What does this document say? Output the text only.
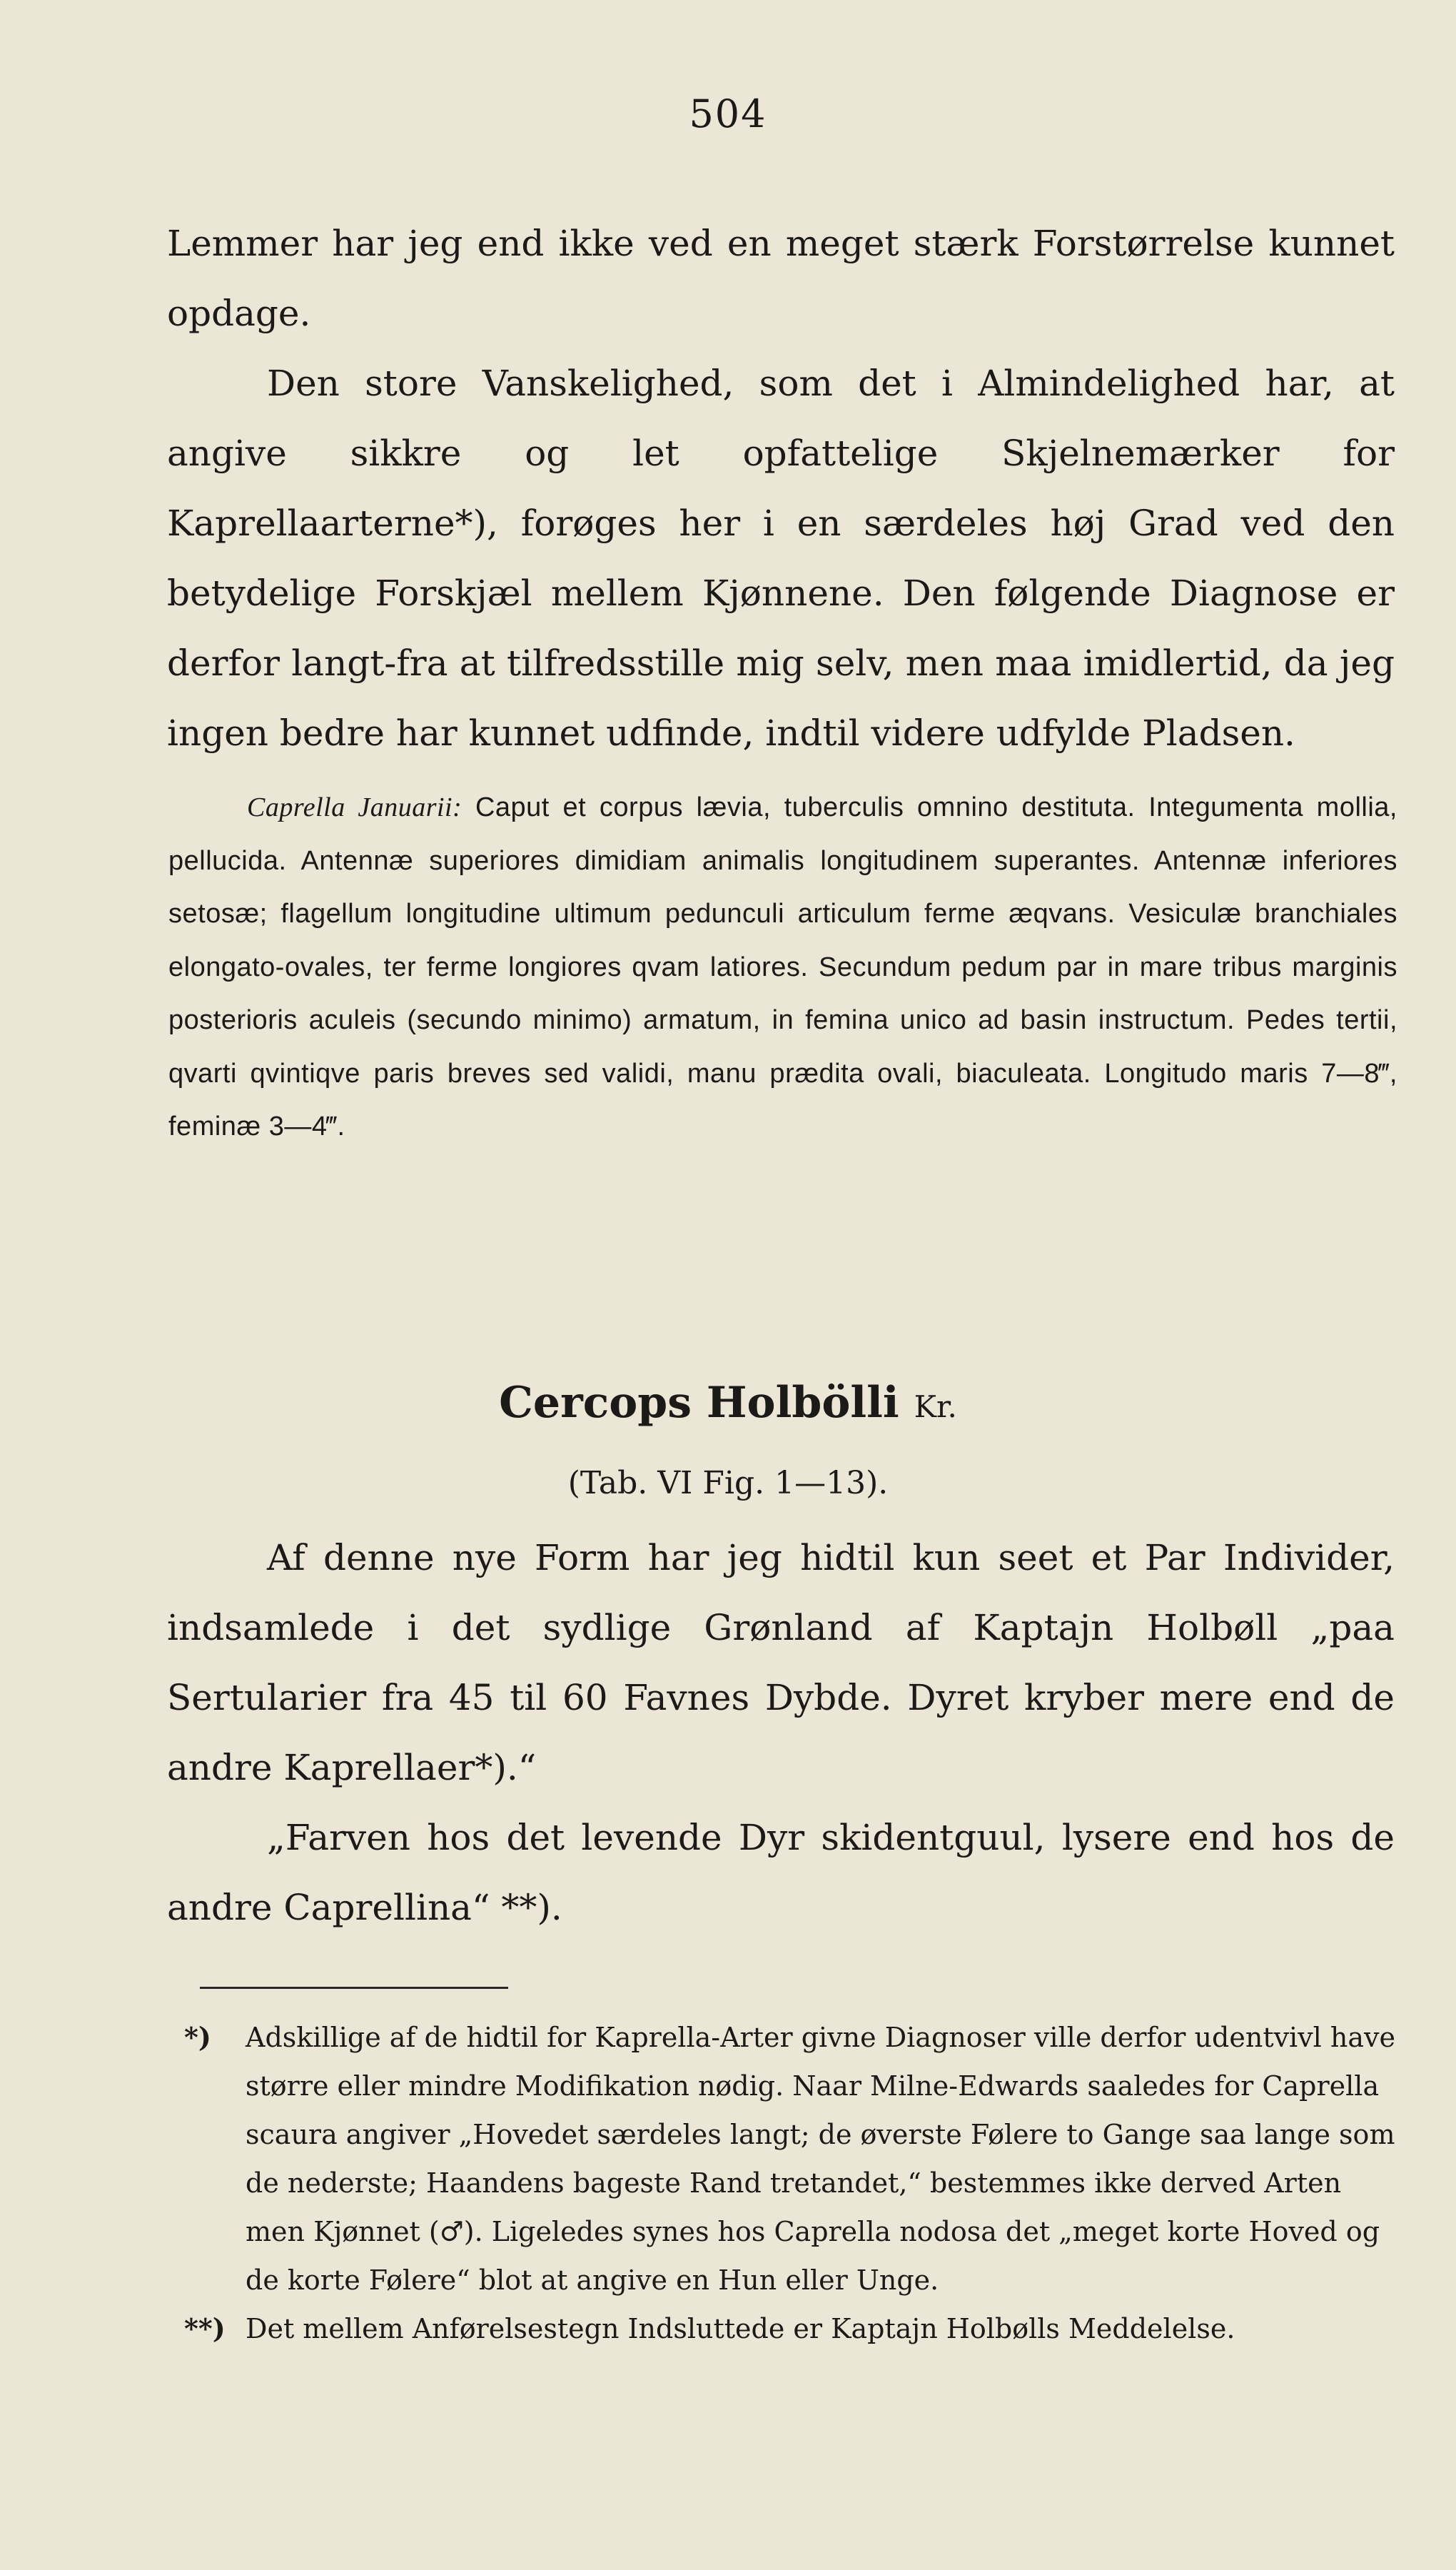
504

Lemmer har jeg end ikke ved en meget stærk Forstørrelse kunnet opdage.

Den store Vanskelighed, som det i Almindelighed har, at angive sikkre og let opfattelige Skjelnemærker for Kaprellaarterne*), forøges her i en særdeles høj Grad ved den betydelige Forskjæl mellem Kjønnene. Den følgende Diagnose er derfor langt-fra at tilfredsstille mig selv, men maa imidlertid, da jeg ingen bedre har kunnet udfinde, indtil videre udfylde Pladsen.

Caprella Januarii: Caput et corpus lævia, tuberculis omnino destituta. Integumenta mollia, pellucida. Antennæ superiores dimidiam animalis longitudinem superantes. Antennæ inferiores setosæ; flagellum longitudine ultimum pedunculi articulum ferme æqvans. Vesiculæ branchiales elongato-ovales, ter ferme longiores qvam latiores. Secundum pedum par in mare tribus marginis posterioris aculeis (secundo minimo) armatum, in femina unico ad basin instructum. Pedes tertii, qvarti qvintiqve paris breves sed validi, manu prædita ovali, biaculeata. Longitudo maris 7—8‴, feminæ 3—4‴.

Cercops Holbölli Kr.
(Tab. VI Fig. 1—13).

Af denne nye Form har jeg hidtil kun seet et Par Individer, indsamlede i det sydlige Grønland af Kaptajn Holbøll „paa Sertularier fra 45 til 60 Favnes Dybde. Dyret kryber mere end de andre Kaprellaer*).“

„Farven hos det levende Dyr skidentguul, lysere end hos de andre Caprellina“ **).

*) Adskillige af de hidtil for Kaprella-Arter givne Diagnoser ville derfor udentvivl have større eller mindre Modifikation nødig. Naar Milne-Edwards saaledes for Caprella scaura angiver „Hovedet særdeles langt; de øverste Følere to Gange saa lange som de nederste; Haandens bageste Rand tretandet,“ bestemmes ikke derved Arten men Kjønnet (♂). Ligeledes synes hos Caprella nodosa det „meget korte Hoved og de korte Følere“ blot at angive en Hun eller Unge.

**) Det mellem Anførelsestegn Indsluttede er Kaptajn Holbølls Meddelelse.
